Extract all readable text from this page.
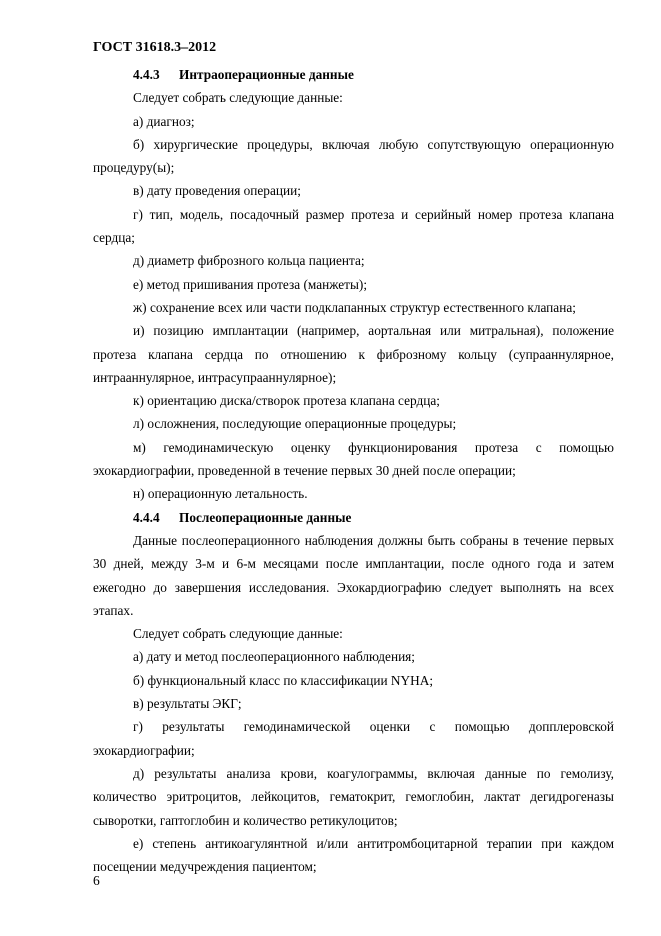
ГОСТ 31618.3–2012

4.4.3 Интраоперационные данные

Следует собрать следующие данные:

а) диагноз;

б) хирургические процедуры, включая любую сопутствующую операционную процедуру(ы);

в) дату проведения операции;

г) тип, модель, посадочный размер протеза и серийный номер протеза клапана сердца;

д) диаметр фиброзного кольца пациента;

е) метод пришивания протеза (манжеты);

ж) сохранение всех или части подклапанных структур естественного клапана;

и) позицию имплантации (например, аортальная или митральная), положение протеза клапана сердца по отношению к фиброзному кольцу (супрааннулярное, интрааннулярное, интрасупрааннулярное);

к) ориентацию диска/створок протеза клапана сердца;

л) осложнения, последующие операционные процедуры;

м) гемодинамическую оценку функционирования протеза с помощью эхокардиографии, проведенной в течение первых 30 дней после операции;

н) операционную летальность.

4.4.4 Послеоперационные данные

Данные послеоперационного наблюдения должны быть собраны в течение первых 30 дней, между 3-м и 6-м месяцами после имплантации, после одного года и затем ежегодно до завершения исследования. Эхокардиографию следует выполнять на всех этапах.

Следует собрать следующие данные:

а) дату и метод послеоперационного наблюдения;

б) функциональный класс по классификации NYHA;

в) результаты ЭКГ;

г) результаты гемодинамической оценки с помощью допплеровской эхокардиографии;

д) результаты анализа крови, коагулограммы, включая данные по гемолизу, количество эритроцитов, лейкоцитов, гематокрит, гемоглобин, лактат дегидрогеназы сыворотки, гаптоглобин и количество ретикулоцитов;

е) степень антикоагулянтной и/или антитромбоцитарной терапии при каждом посещении медучреждения пациентом;

6
